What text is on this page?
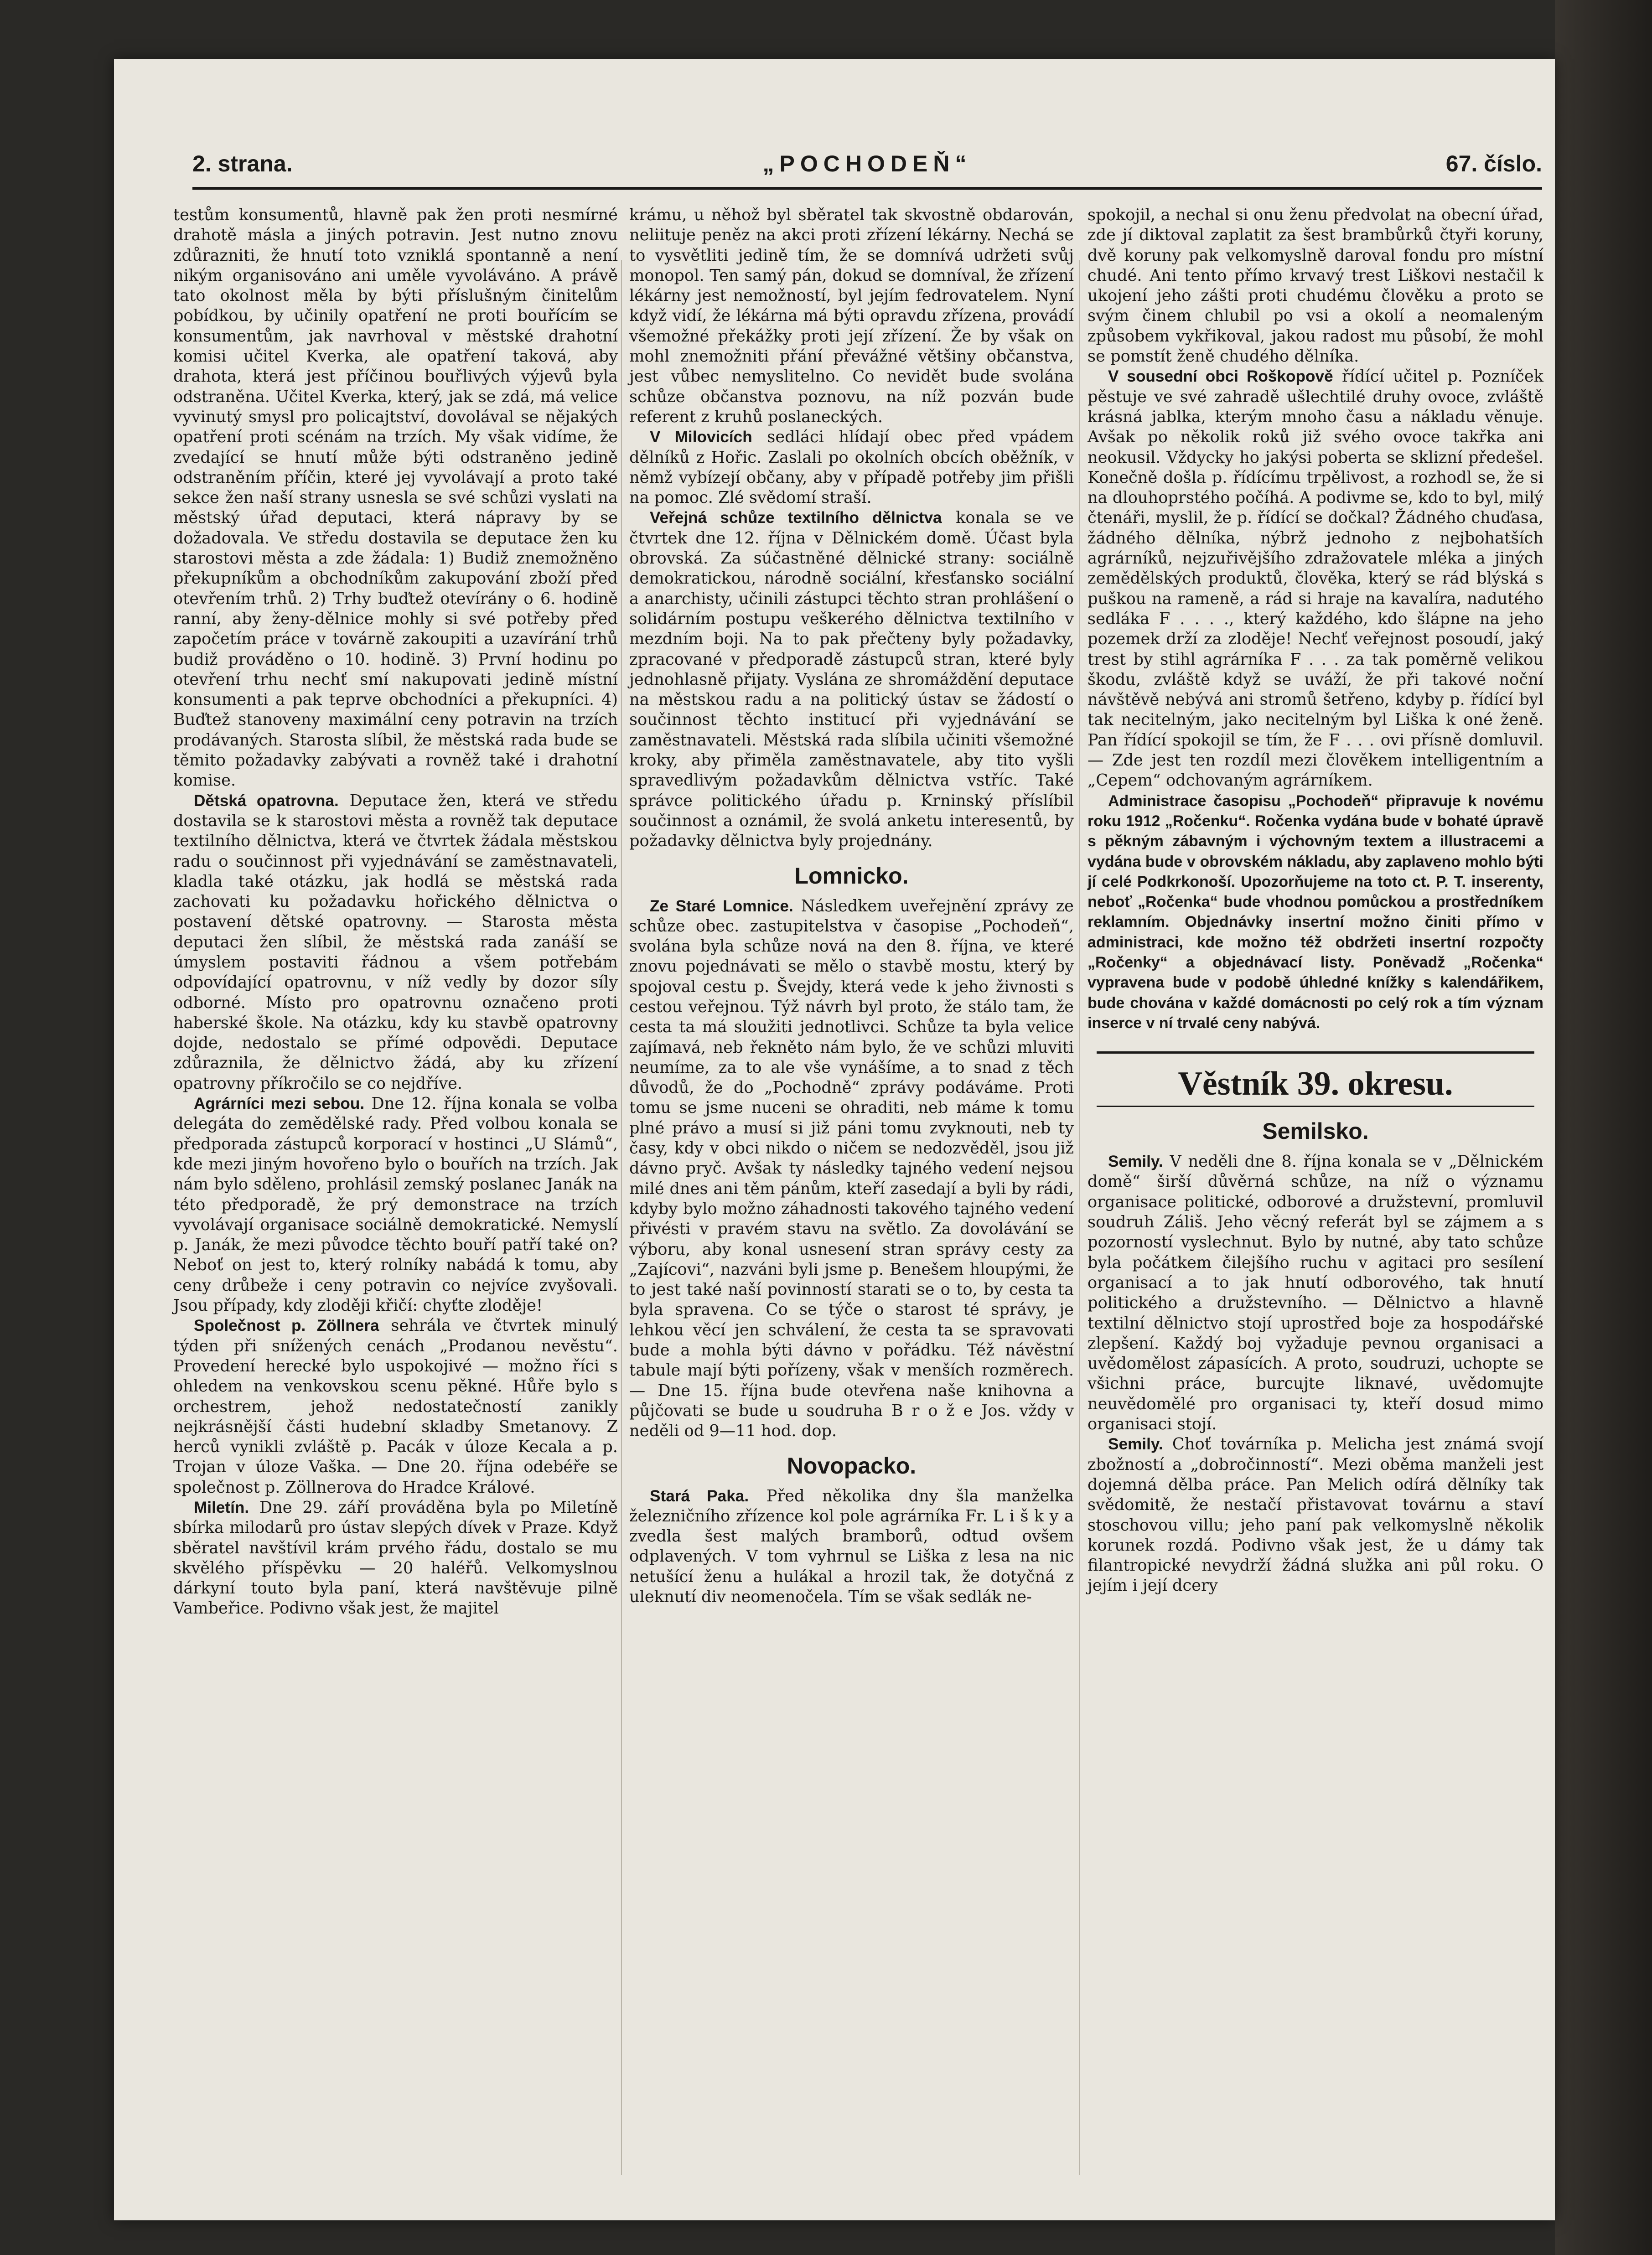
2. strana.	„POCHODEŇ“	67. číslo.

testům konsumentů, hlavně pak žen proti nesmírné drahotě másla a jiných potravin. Jest nutno znovu zdůrazniti, že hnutí toto vzniklá spontanně a není nikým organisováno ani uměle vyvoláváno. A právě tato okolnost měla by býti příslušným činitelům pobídkou, by učinily opatření ne proti bouřícím se konsumentům, jak navrhoval v městské drahotní komisi učitel Kverka, ale opatření taková, aby drahota, která jest příčinou bouřlivých výjevů byla odstraněna. Učitel Kverka, který, jak se zdá, má velice vyvinutý smysl pro policajtství, dovolával se nějakých opatření proti scénám na trzích. My však vidíme, že zvedající se hnutí může býti odstraněno jedině odstraněním příčin, které jej vyvolávají a proto také sekce žen naší strany usnesla se své schůzi vyslati na městský úřad deputaci, která nápravy by se dožadovala. Ve středu dostavila se deputace žen ku starostovi města a zde žádala: 1) Budiž znemožněno překupníkům a obchodníkům zakupování zboží před otevřením trhů. 2) Trhy buďtež otevírány o 6. hodině ranní, aby ženy-dělnice mohly si své potřeby před započetím práce v továrně zakoupiti a uzavírání trhů budiž prováděno o 10. hodině. 3) První hodinu po otevření trhu nechť smí nakupovati jedině místní konsumenti a pak teprve obchodníci a překupníci. 4) Buďtež stanoveny maximální ceny potravin na trzích prodávaných. Starosta slíbil, že městská rada bude se těmito požadavky zabývati a rovněž také i drahotní komise.

Dětská opatrovna. Deputace žen, která ve středu dostavila se k starostovi města a rovněž tak deputace textilního dělnictva, která ve čtvrtek žádala městskou radu o součinnost při vyjednávání se zaměstnavateli, kladla také otázku, jak hodlá se městská rada zachovati ku požadavku hořického dělnictva o postavení dětské opatrovny. — Starosta města deputaci žen slíbil, že městská rada zanáší se úmyslem postaviti řádnou a všem potřebám odpovídající opatrovnu, v níž vedly by dozor síly odborné. Místo pro opatrovnu označeno proti haberské škole. Na otázku, kdy ku stavbě opatrovny dojde, nedostalo se přímé odpovědi. Deputace zdůraznila, že dělnictvo žádá, aby ku zřízení opatrovny příkročilo se co nejdříve.

Agrárníci mezi sebou. Dne 12. října konala se volba delegáta do zemědělské rady. Před volbou konala se předporada zástupců korporací v hostinci „U Slámů“, kde mezi jiným hovořeno bylo o bouřích na trzích. Jak nám bylo sděleno, prohlásil zemský poslanec Janák na této předporadě, že prý demonstrace na trzích vyvolávají organisace sociálně demokratické. Nemyslí p. Janák, že mezi původce těchto bouří patří také on? Neboť on jest to, který rolníky nabádá k tomu, aby ceny drůbeže i ceny potravin co nejvíce zvyšovali. Jsou případy, kdy zloději křičí: chyťte zloděje!

Společnost p. Zöllnera sehrála ve čtvrtek minulý týden při snížených cenách „Prodanou nevěstu“. Provedení herecké bylo uspokojivé — možno říci s ohledem na venkovskou scenu pěkné. Hůře bylo s orchestrem, jehož nedostatečností zanikly nejkrásnější části hudební skladby Smetanovy. Z herců vynikli zvláště p. Pacák v úloze Kecala a p. Trojan v úloze Vaška. — Dne 20. října odebéře se společnost p. Zöllnerova do Hradce Králové.

Miletín. Dne 29. září prováděna byla po Miletíně sbírka milodarů pro ústav slepých dívek v Praze. Když sběratel navštívil krám prvého řádu, dostalo se mu skvělého příspěvku — 20 haléřů. Velkomyslnou dárkyní touto byla paní, která navštěvuje pilně Vambeřice. Podivno však jest, že majitel

krámu, u něhož byl sběratel tak skvostně obdarován, neliituje peněz na akci proti zřízení lékárny. Nechá se to vysvětliti jedině tím, že se domnívá udržeti svůj monopol. Ten samý pán, dokud se domníval, že zřízení lékárny jest nemožností, byl jejím fedrovatelem. Nyní když vidí, že lékárna má býti opravdu zřízena, provádí všemožné překážky proti její zřízení. Že by však on mohl znemožniti přání převážné většiny občanstva, jest vůbec nemyslitelno. Co nevidět bude svolána schůze občanstva poznovu, na níž pozván bude referent z kruhů poslaneckých.

V Milovicích sedláci hlídají obec před vpádem dělníků z Hořic. Zaslali po okolních obcích oběžník, v němž vybízejí občany, aby v případě potřeby jim přišli na pomoc. Zlé svědomí straší.

Veřejná schůze textilního dělnictva konala se ve čtvrtek dne 12. října v Dělnickém domě. Účast byla obrovská. Za súčastněné dělnické strany: sociálně demokratickou, národně sociální, křesťansko sociální a anarchisty, učinili zástupci těchto stran prohlášení o solidárním postupu veškerého dělnictva textilního v mezdním boji. Na to pak přečteny byly požadavky, zpracované v předporadě zástupců stran, které byly jednohlasně přijaty. Vyslána ze shromáždění deputace na městskou radu a na politický ústav se žádostí o součinnost těchto institucí při vyjednávání se zaměstnavateli. Městská rada slíbila učiniti všemožné kroky, aby přiměla zaměstnavatele, aby tito vyšli spravedlivým požadavkům dělnictva vstříc. Také správce politického úřadu p. Krninský příslíbil součinnost a oznámil, že svolá anketu interesentů, by požadavky dělnictva byly projednány.

Lomnicko.

Ze Staré Lomnice. Následkem uveřejnění zprávy ze schůze obec. zastupitelstva v časopise „Pochodeň“, svolána byla schůze nová na den 8. října, ve které znovu pojednávati se mělo o stavbě mostu, který by spojoval cestu p. Švejdy, která vede k jeho živnosti s cestou veřejnou. Týž návrh byl proto, že stálo tam, že cesta ta má sloužiti jednotlivci. Schůze ta byla velice zajímavá, neb řekněto nám bylo, že ve schůzi mluviti neumíme, za to ale vše vynášíme, a to snad z těch důvodů, že do „Pochodně“ zprávy podáváme. Proti tomu se jsme nuceni se ohraditi, neb máme k tomu plné právo a musí si již páni tomu zvyknouti, neb ty časy, kdy v obci nikdo o ničem se nedozvěděl, jsou již dávno pryč. Avšak ty následky tajného vedení nejsou milé dnes ani těm pánům, kteří zasedají a byli by rádi, kdyby bylo možno záhadnosti takového tajného vedení přivésti v pravém stavu na světlo. Za dovolávání se výboru, aby konal usnesení stran správy cesty za „Zajícovi“, nazváni byli jsme p. Benešem hloupými, že to jest také naší povinností starati se o to, by cesta ta byla spravena. Co se týče o starost té správy, je lehkou věcí jen schválení, že cesta ta se spravovati bude a mohla býti dávno v pořádku. Též návěstní tabule mají býti pořízeny, však v menších rozměrech. — Dne 15. října bude otevřena naše knihovna a půjčovati se bude u soudruha B r o ž e Jos. vždy v neděli od 9—11 hod. dop.

Novopacko.

Stará Paka. Před několika dny šla manželka železničního zřízence kol pole agrárníka Fr. L i š k y a zvedla šest malých bramborů, odtud ovšem odplavených. V tom vyhrnul se Liška z lesa na nic netušící ženu a hulákal a hrozil tak, že dotyčná z uleknutí div neomenočela. Tím se však sedlák ne-

spokojil, a nechal si onu ženu předvolat na obecní úřad, zde jí diktoval zaplatit za šest brambůrků čtyři koruny, dvě koruny pak velkomyslně daroval fondu pro místní chudé. Ani tento přímo krvavý trest Liškovi nestačil k ukojení jeho zášti proti chudému člověku a proto se svým činem chlubil po vsi a okolí a neomaleným způsobem vykřikoval, jakou radost mu působí, že mohl se pomstít ženě chudého dělníka.

V sousední obci Roškopově řídící učitel p. Pozníček pěstuje ve své zahradě ušlechtilé druhy ovoce, zvláště krásná jablka, kterým mnoho času a nákladu věnuje. Avšak po několik roků již svého ovoce takřka ani neokusil. Vždycky ho jakýsi poberta se sklizní předešel. Konečně došla p. řídícímu trpělivost, a rozhodl se, že si na dlouhoprstého počíhá. A podivme se, kdo to byl, milý čtenáři, myslil, že p. řídící se dočkal? Žádného chuďasa, žádného dělníka, nýbrž jednoho z nejbohatších agrárníků, nejzuřivějšího zdražovatele mléka a jiných zemědělských produktů, člověka, který se rád blýská s puškou na rameně, a rád si hraje na kavalíra, nadutého sedláka F . . . ., který každého, kdo šlápne na jeho pozemek drží za zloděje! Nechť veřejnost posoudí, jaký trest by stihl agrárníka F . . . za tak poměrně velikou škodu, zvláště když se uváží, že při takové noční návštěvě nebývá ani stromů šetřeno, kdyby p. řídící byl tak necitelným, jako necitelným byl Liška k oné ženě. Pan řídící spokojil se tím, že F . . . ovi přísně domluvil. — Zde jest ten rozdíl mezi člověkem intelligentním a „Cepem“ odchovaným agrárníkem.

Administrace časopisu „Pochodeň“ připravuje k novému roku 1912 „Ročenku“. Ročenka vydána bude v bohaté úpravě s pěkným zábavným i výchovným textem a illustracemi a vydána bude v obrovském nákladu, aby zaplaveno mohlo býti jí celé Podkrkonoší. Upozorňujeme na toto ct. P. T. inserenty, neboť „Ročenka“ bude vhodnou pomůckou a prostředníkem reklamním. Objednávky insertní možno činiti přímo v administraci, kde možno též obdržeti insertní rozpočty „Ročenky“ a objednávací listy. Poněvadž „Ročenka“ vypravena bude v podobě úhledné knížky s kalendářikem, bude chována v každé domácnosti po celý rok a tím význam inserce v ní trvalé ceny nabývá.

Věstník 39. okresu.
Semilsko.

Semily. V neděli dne 8. října konala se v „Dělnickém domě“ širší důvěrná schůze, na níž o významu organisace politické, odborové a družstevní, promluvil soudruh Záliš. Jeho věcný referát byl se zájmem a s pozorností vyslechnut. Bylo by nutné, aby tato schůze byla počátkem čilejšího ruchu v agitaci pro sesílení organisací a to jak hnutí odborového, tak hnutí politického a družstevního. — Dělnictvo a hlavně textilní dělnictvo stojí uprostřed boje za hospodářské zlepšení. Každý boj vyžaduje pevnou organisaci a uvědomělost zápasících. A proto, soudruzi, uchopte se všichni práce, burcujte liknavé, uvědomujte neuvědomělé pro organisaci ty, kteří dosud mimo organisaci stojí.

Semily. Choť továrníka p. Melicha jest známá svojí zbožností a „dobročinností“. Mezi oběma manželi jest dojemná dělba práce. Pan Melich odírá dělníky tak svědomitě, že nestačí přistavovat továrnu a staví stoschovou villu; jeho paní pak velkomyslně několik korunek rozdá. Podivno však jest, že u dámy tak filantropické nevydrží žádná služka ani půl roku. O jejím i její dcery
